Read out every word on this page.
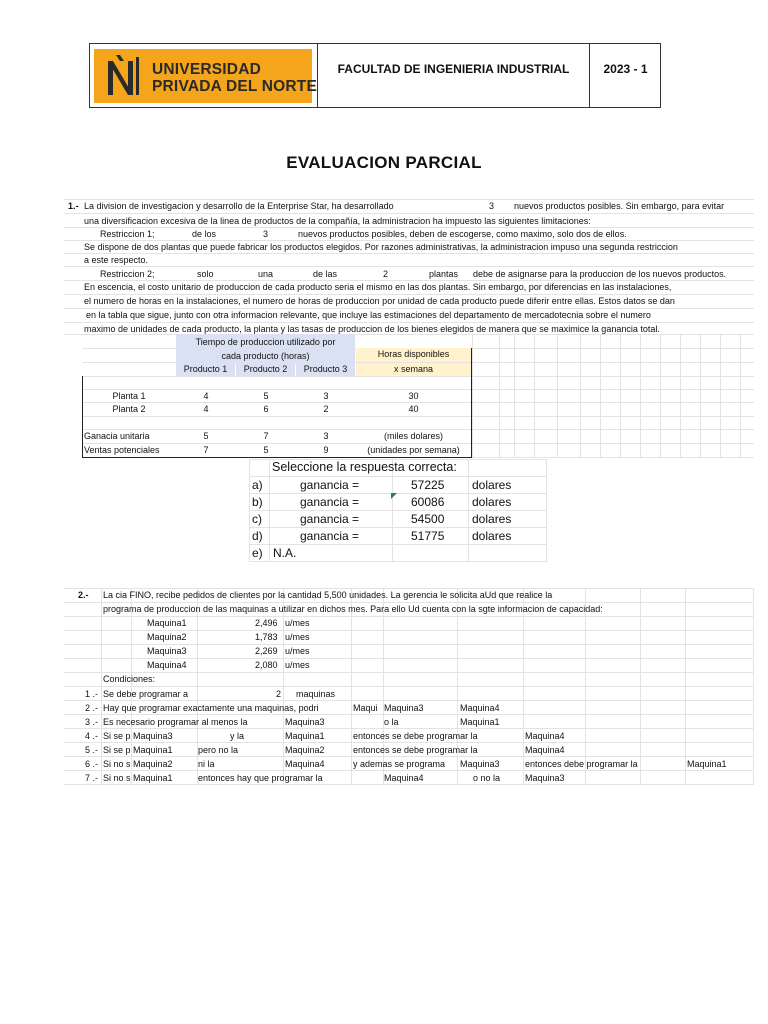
UNIVERSIDAD
PRIVADA DEL NORTE
FACULTAD DE INGENIERIA INDUSTRIAL	2023 - 1
EVALUACION PARCIAL
1.- La division de investigacion y desarrollo de la Enterprise Star, ha desarrollado	3 nuevos productos posibles. Sin embargo, para evitar
una diversificacion excesiva de la linea de productos de la compañía, la administracion ha impuesto las siguientes limitaciones:
Restriccion 1;	de los	3	nuevos productos posibles, deben de escogerse, como maximo, solo dos de ellos.
Se dispone de dos plantas que puede fabricar los productos elegidos. Por razones administrativas, la administracion impuso una segunda restriccion
a este respecto.
Restriccion 2;	solo	una	de las	2	plantas debe de asignarse para la produccion de los nuevos productos.
En escencia, el costo unitario de produccion de cada producto seria el mismo en las dos plantas. Sin embargo, por diferencias en las instalaciones,
el numero de horas en la instalaciones, el numero de horas de produccion por unidad de cada producto puede diferir entre ellas. Estos datos se dan
en la tabla que sigue, junto con otra informacion relevante, que incluye las estimaciones del departamento de mercadotecnia sobre el numero
maximo de unidades de cada producto, la planta y las tasas de produccion de los bienes elegidos de manera que se maximice la ganancia total.
Tiempo de produccion utilizado por
cada producto (horas)	Horas disponibles
Producto 1	Producto 2	Producto 3	x semana
Planta 1	4	5	3	30
Planta 2	4	6	2	40
Ganacia unitaria	5	7	3	(miles dolares)
Ventas potenciales	7	5	9	(unidades por semana)
Seleccione la respuesta correcta:
a)	ganancia =	57225 dolares
b)	ganancia =	60086 dolares
c)	ganancia =	54500 dolares
d)	ganancia =	51775 dolares
e) N.A.
2.- La cia FINO, recibe pedidos de clientes por la cantidad 5,500 unidades. La gerencia le solicita aUd que realice la
programa de produccion de las maquinas a utilizar en dichos mes. Para ello Ud cuenta con la sgte informacion de capacidad:
Maquina1	2,496 u/mes
Maquina2	1,783 u/mes
Maquina3	2,269 u/mes
Maquina4	2,080 u/mes
Condiciones:
1 .- Se debe programar a	2 maquinas
2 .- Hay que programar exactamente una maquinas, podri	Maqui Maquina3	Maquina4
3 .- Es necesario programar al menos la	Maquina3	o la	Maquina1
4 .- Si se p Maquina3	y la	Maquina1	entonces se debe programar la	Maquina4
5 .- Si se p Maquina1	pero no la	Maquina2	entonces se debe programar la	Maquina4
6 .- Si no s Maquina2	ni la	Maquina4	y ademas se programa Maquina3	entonces debe programar la	Maquina1
7 .- Si no s Maquina1	entonces hay que programar la	Maquina4	o no la	Maquina3
